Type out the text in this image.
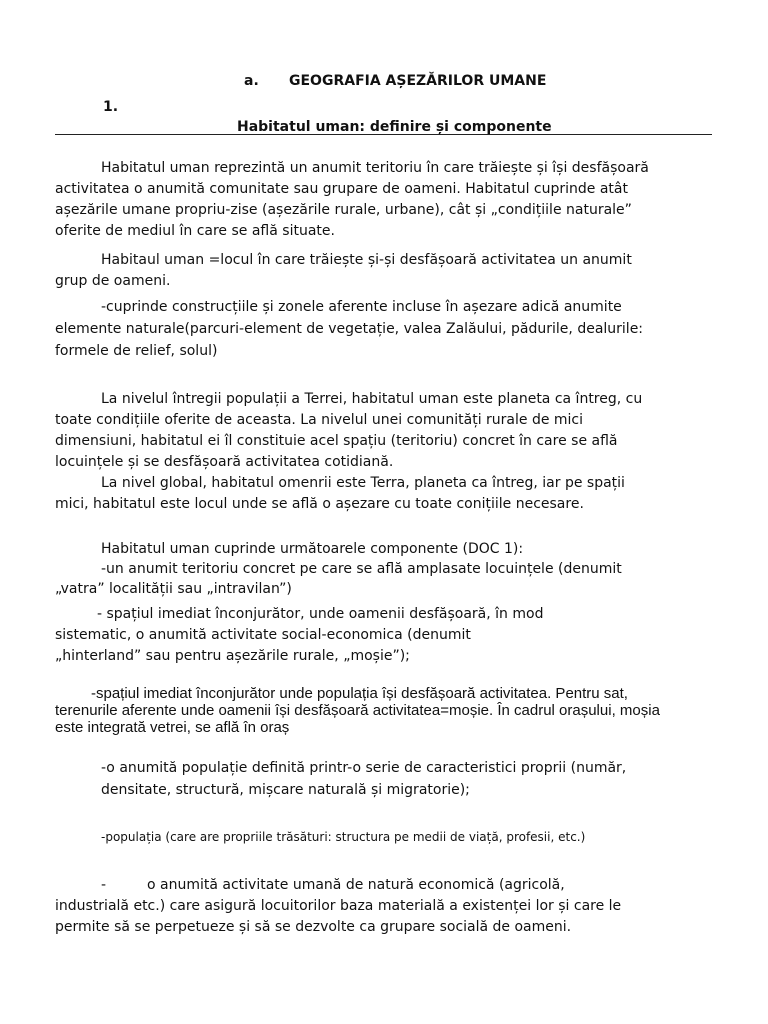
a. GEOGRAFIA AȘEZĂRILOR UMANE
1.
Habitatul uman: definire și componente
Habitatul uman reprezintă un anumit teritoriu în care trăiește și își desfășoară
activitatea o anumită comunitate sau grupare de oameni. Habitatul cuprinde atât
așezările umane propriu-zise (așezările rurale, urbane), cât și „condițiile naturale”
oferite de mediul în care se află situate.
Habitaul uman =locul în care trăiește și-și desfășoară activitatea un anumit
grup de oameni.
-cuprinde construcțiile și zonele aferente incluse în așezare adică anumite
elemente naturale(parcuri-element de vegetație, valea Zalăului, pădurile, dealurile:
formele de relief, solul)
La nivelul întregii populații a Terrei, habitatul uman este planeta ca întreg, cu
toate condițiile oferite de aceasta. La nivelul unei comunități rurale de mici
dimensiuni, habitatul ei îl constituie acel spațiu (teritoriu) concret în care se află
locuințele și se desfășoară activitatea cotidiană.
La nivel global, habitatul omenrii este Terra, planeta ca întreg, iar pe spații
mici, habitatul este locul unde se află o așezare cu toate conițiile necesare.
Habitatul uman cuprinde următoarele componente (DOC 1):
-un anumit teritoriu concret pe care se află amplasate locuințele (denumit
„vatra” localității sau „intravilan”)
- spațiul imediat înconjurător, unde oamenii desfășoară, în mod
sistematic, o anumită activitate social-economica (denumit
„hinterland” sau pentru așezările rurale, „moșie”);
-spațiul imediat înconjurător unde populația își desfășoară activitatea. Pentru sat,
terenurile aferente unde oamenii își desfășoară activitatea=moșie. În cadrul orașului, moșia
este integrată vetrei, se află în oraș
-o anumită populație definită printr-o serie de caracteristici proprii (număr,
densitate, structură, mișcare naturală și migratorie);
-populația (care are propriile trăsături: structura pe medii de viață, profesii, etc.)
-	o anumită activitate umană de natură economică (agricolă,
industrială etc.) care asigură locuitorilor baza materială a existenței lor și care le
permite să se perpetueze și să se dezvolte ca grupare socială de oameni.
